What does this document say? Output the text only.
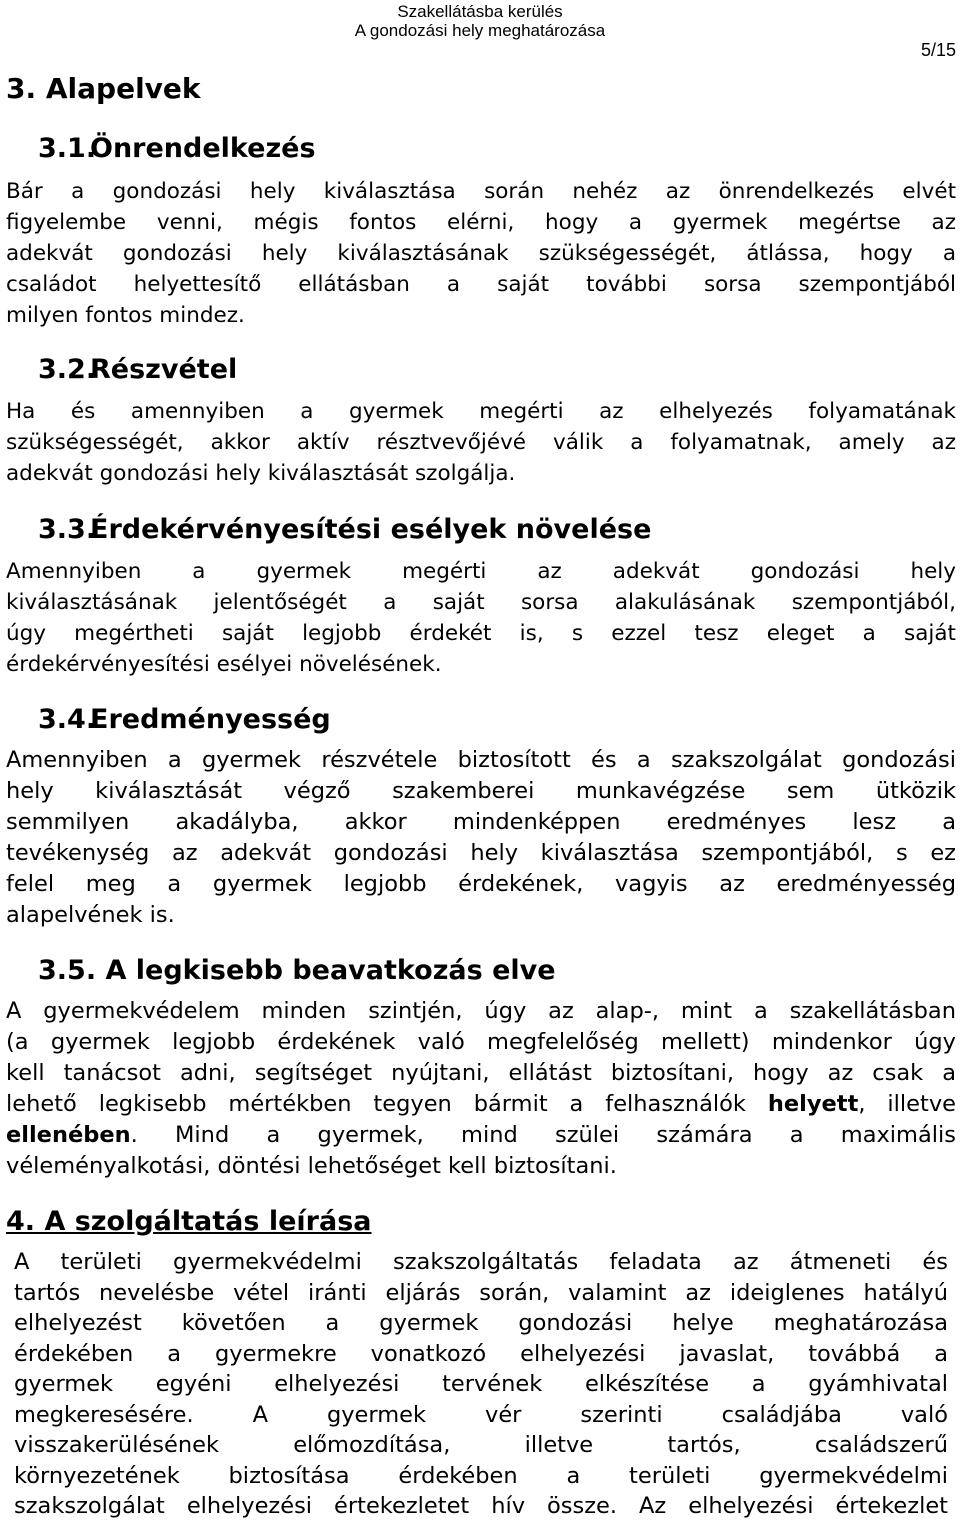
Szakellátásba kerülés
A gondozási hely meghatározása
5/15
3. Alapelvek
3.1.Önrendelkezés
Bár a gondozási hely kiválasztása során nehéz az önrendelkezés elvét
figyelembe venni, mégis fontos elérni, hogy a gyermek megértse az
adekvát gondozási hely kiválasztásának szükségességét, átlássa, hogy a
családot helyettesítő ellátásban a saját további sorsa szempontjából
milyen fontos mindez.
3.2.Részvétel
Ha és amennyiben a gyermek megérti az elhelyezés folyamatának
szükségességét, akkor aktív résztvevőjévé válik a folyamatnak, amely az
adekvát gondozási hely kiválasztását szolgálja.
3.3.Érdekérvényesítési esélyek növelése
Amennyiben a gyermek megérti az adekvát gondozási hely
kiválasztásának jelentőségét a saját sorsa alakulásának szempontjából,
úgy megértheti saját legjobb érdekét is, s ezzel tesz eleget a saját
érdekérvényesítési esélyei növelésének.
3.4.Eredményesség
Amennyiben a gyermek részvétele biztosított és a szakszolgálat gondozási
hely kiválasztását végző szakemberei munkavégzése sem ütközik
semmilyen akadályba, akkor mindenképpen eredményes lesz a
tevékenység az adekvát gondozási hely kiválasztása szempontjából, s ez
felel meg a gyermek legjobb érdekének, vagyis az eredményesség
alapelvének is.
3.5. A legkisebb beavatkozás elve
A gyermekvédelem minden szintjén, úgy az alap-, mint a szakellátásban
(a gyermek legjobb érdekének való megfelelőség mellett) mindenkor úgy
kell tanácsot adni, segítséget nyújtani, ellátást biztosítani, hogy az csak a
lehető legkisebb mértékben tegyen bármit a felhasználók helyett, illetve
ellenében. Mind a gyermek, mind szülei számára a maximális
véleményalkotási, döntési lehetőséget kell biztosítani.
4. A szolgáltatás leírása
A területi gyermekvédelmi szakszolgáltatás feladata az átmeneti és
tartós nevelésbe vétel iránti eljárás során, valamint az ideiglenes hatályú
elhelyezést követően a gyermek gondozási helye meghatározása
érdekében a gyermekre vonatkozó elhelyezési javaslat, továbbá a
gyermek egyéni elhelyezési tervének elkészítése a gyámhivatal
megkeresésére. A gyermek vér szerinti családjába való
visszakerülésének előmozdítása, illetve tartós, családszerű
környezetének biztosítása érdekében a területi gyermekvédelmi
szakszolgálat elhelyezési értekezletet hív össze. Az elhelyezési értekezlet
